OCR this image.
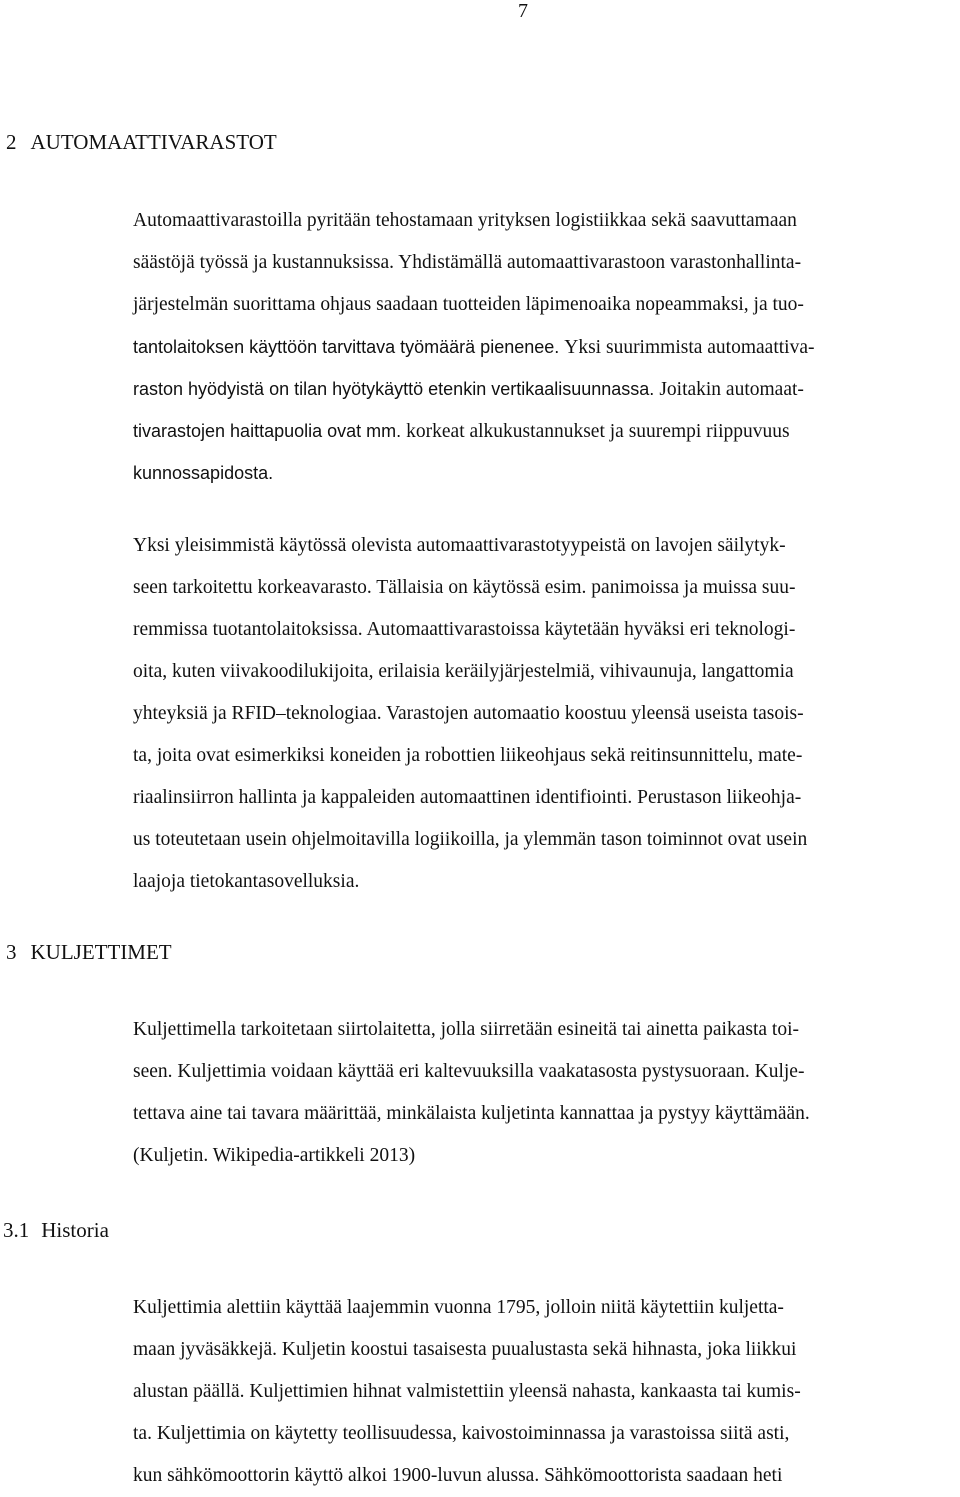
7
2 AUTOMAATTIVARASTOT
Automaattivarastoilla pyritään tehostamaan yrityksen logistiikkaa sekä saavuttamaan
säästöjä työssä ja kustannuksissa. Yhdistämällä automaattivarastoon varastonhallinta-
järjestelmän suorittama ohjaus saadaan tuotteiden läpimenoaika nopeammaksi, ja tuo-
tantolaitoksen käyttöön tarvittava työmäärä pienenee. Yksi suurimmista automaattiva-
raston hyödyistä on tilan hyötykäyttö etenkin vertikaalisuunnassa. Joitakin automaat-
tivarastojen haittapuolia ovat mm. korkeat alkukustannukset ja suurempi riippuvuus
kunnossapidosta.
Yksi yleisimmistä käytössä olevista automaattivarastotyypeistä on lavojen säilytyk-
seen tarkoitettu korkeavarasto. Tällaisia on käytössä esim. panimoissa ja muissa suu-
remmissa tuotantolaitoksissa. Automaattivarastoissa käytetään hyväksi eri teknologi-
oita, kuten viivakoodilukijoita, erilaisia keräilyjärjestelmiä, vihivaunuja, langattomia
yhteyksiä ja RFID–teknologiaa. Varastojen automaatio koostuu yleensä useista tasois-
ta, joita ovat esimerkiksi koneiden ja robottien liikeohjaus sekä reitinsunnittelu, mate-
riaalinsiirron hallinta ja kappaleiden automaattinen identifiointi. Perustason liikeohja-
us toteutetaan usein ohjelmoitavilla logiikoilla, ja ylemmän tason toiminnot ovat usein
laajoja tietokantasovelluksia.
3 KULJETTIMET
Kuljettimella tarkoitetaan siirtolaitetta, jolla siirretään esineitä tai ainetta paikasta toi-
seen. Kuljettimia voidaan käyttää eri kaltevuuksilla vaakatasosta pystysuoraan. Kulje-
tettava aine tai tavara määrittää, minkälaista kuljetinta kannattaa ja pystyy käyttämään.
(Kuljetin. Wikipedia-artikkeli 2013)
3.1 Historia
Kuljettimia alettiin käyttää laajemmin vuonna 1795, jolloin niitä käytettiin kuljetta-
maan jyväsäkkejä. Kuljetin koostui tasaisesta puualustasta sekä hihnasta, joka liikkui
alustan päällä. Kuljettimien hihnat valmistettiin yleensä nahasta, kankaasta tai kumis-
ta. Kuljettimia on käytetty teollisuudessa, kaivostoiminnassa ja varastoissa siitä asti,
kun sähkömoottorin käyttö alkoi 1900-luvun alussa. Sähkömoottorista saadaan heti
